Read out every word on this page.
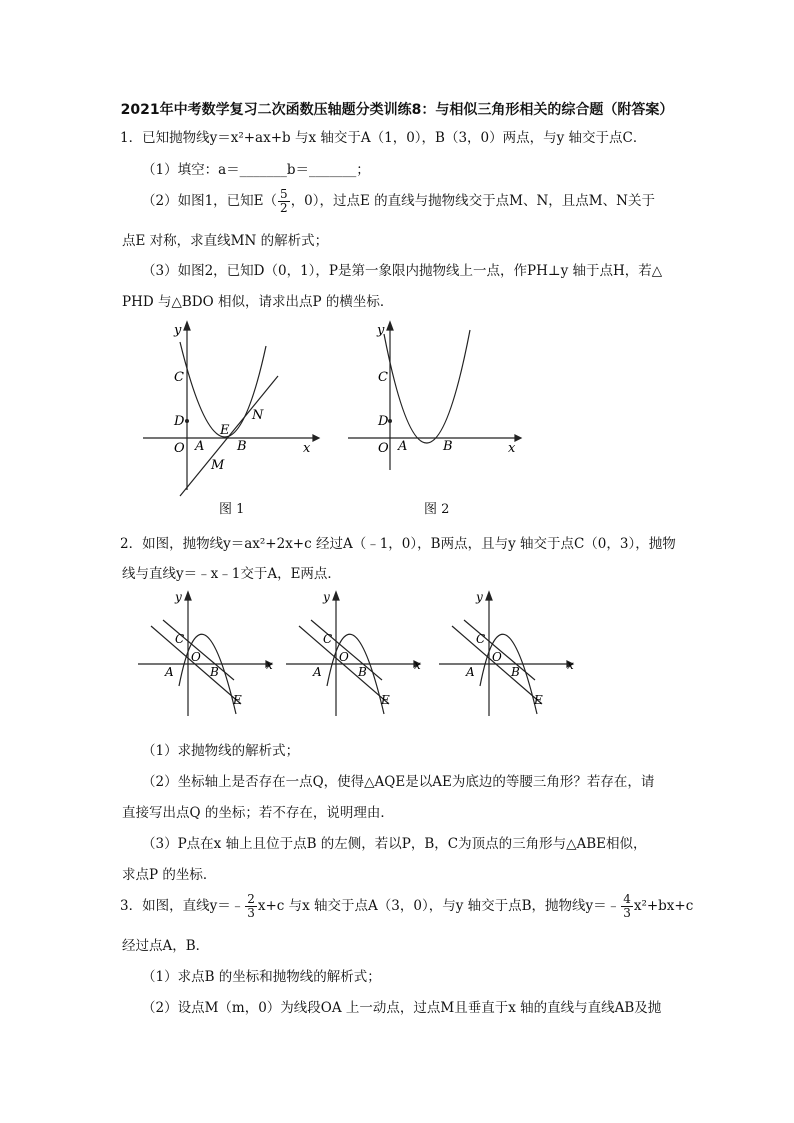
2021年中考数学复习二次函数压轴题分类训练8：与相似三角形相关的综合题（附答案）
1．已知抛物线y＝x²+ax+b 与x 轴交于A（1，0），B（3，0）两点，与y 轴交于点C．
（1）填空：a＝_______b＝_______；
（2）如图1，已知$E( \frac{5}{2}$ ，0），过点E 的直线与抛物线交于点M、N，且点M、N关于
点E 对称，求直线MN 的解析式；
（3）如图2，已知D（0，1），P是第一象限内抛物线上一点，作PH⊥y 轴于点H，若△
PHD 与△BDO 相似，请求出点P 的横坐标．
y
x
C
D
O A	B
E
N
M
图 1
y
x
C
D
O A	B
图 2
2．如图，抛物线y＝ax²+2x+c 经过A（﹣1，0），B两点，且与y 轴交于点C（0，3），抛物
线与直线y＝﹣x﹣1交于A，E两点．
y
x
C
O
A	B
E
y
x
C
O
A	B
E
y
x
C
O
A	B
E
（1）求抛物线的解析式；
（2）坐标轴上是否存在一点Q，使得△AQE是以AE为底边的等腰三角形？若存在，请
直接写出点Q 的坐标；若不存在，说明理由．
（3）P点在x 轴上且位于点B 的左侧，若以P，B，C为顶点的三角形与△ABE相似，
求点P 的坐标．
3．如图，直线y＝﹣ $\frac{2}{3} x+c$ 与x 轴交于点A（3，0），与y 轴交于点B，抛物线y＝﹣ $\frac{4}{3} x^2+bx+c$
经过点A，B．
（1）求点B 的坐标和抛物线的解析式；
（2）设点M（m，0）为线段OA 上一动点，过点M且垂直于x 轴的直线与直线AB及抛
